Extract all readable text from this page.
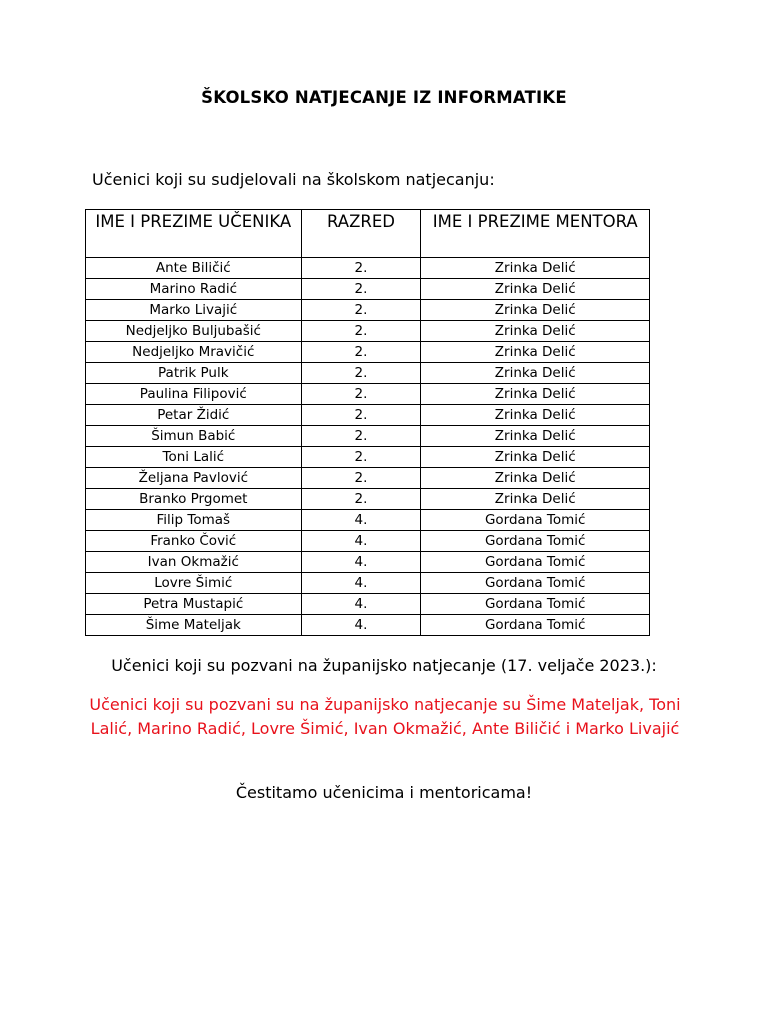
ŠKOLSKO NATJECANJE IZ INFORMATIKE
Učenici koji su sudjelovali na školskom natjecanju:
IME I PREZIME UČENIKA	RAZRED	IME I PREZIME MENTORA
Ante Biličić	2.	Zrinka Delić
Marino Radić	2.	Zrinka Delić
Marko Livajić	2.	Zrinka Delić
Nedjeljko Buljubašić	2.	Zrinka Delić
Nedjeljko Mravičić	2.	Zrinka Delić
Patrik Pulk	2.	Zrinka Delić
Paulina Filipović	2.	Zrinka Delić
Petar Židić	2.	Zrinka Delić
Šimun Babić	2.	Zrinka Delić
Toni Lalić	2.	Zrinka Delić
Željana Pavlović	2.	Zrinka Delić
Branko Prgomet	2.	Zrinka Delić
Filip Tomaš	4.	Gordana Tomić
Franko Čović	4.	Gordana Tomić
Ivan Okmažić	4.	Gordana Tomić
Lovre Šimić	4.	Gordana Tomić
Petra Mustapić	4.	Gordana Tomić
Šime Mateljak	4.	Gordana Tomić
Učenici koji su pozvani na županijsko natjecanje (17. veljače 2023.):
Učenici koji su pozvani su na županijsko natjecanje su Šime Mateljak, Toni Lalić, Marino Radić, Lovre Šimić, Ivan Okmažić, Ante Biličić i Marko Livajić
Čestitamo učenicima i mentoricama!
